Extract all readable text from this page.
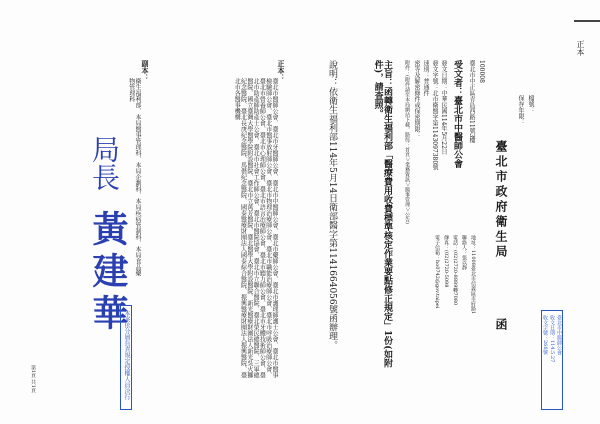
正本
檔號：
保存年限：
臺北市政府衛生局
函
地址：11008臺北市信義區市府路1
聯絡人：張以靜
電話：(02)2720-8889轉7080
傳真：(02)2720-5098
電子信箱：ho0742@gov.taipei
100008
臺北市中正區青島西路11號3樓
受文者：臺北市中醫師公會
發文日期：中華民國114年5月22日
發文字號：北市衛醫字第1143097380號
速別：普通件
密等及解密條件或保密期限：
附件：(附件請至本局網站下載，路徑：首頁＞業務資訊＞醫事管理＞公告)
主旨：函轉衛生福利部「醫療費用收費標準核定作業要點修正規定」1份(如附件)，請查照。
說明：依衛生福利部114年5月14日衛部醫字第1141664056號函辦理。
正本：
臺北市醫師公會、臺北市牙醫師公會、臺北市中醫師公會、臺北市藥師公會、臺北市護理師護士公會、臺北市醫事檢驗師公會、臺北市醫事放射師公會、臺北市物理治療師公會、臺北市職能治療師公會、臺北市呼吸治療師公會、臺北市營養師公會、臺北市心理師公會、臺北市語言治療師公會、臺北市聽力師公會、臺北市牙體技術師公會、臺北市助產師助產士公會、臺北市社會工作師公會、臺北市醫院協會、臺北市立聯合醫院、臺北榮民總醫院、三軍總醫院、國立臺灣大學醫學院附設醫院、臺北市立萬芳醫院、臺北醫學大學附設醫院、新光醫療財團法人新光吳火獅紀念醫院、臺北長庚紀念醫院、馬偕紀念醫院、國泰醫療財團法人國泰綜合醫院、振興醫療財團法人振興醫院、臺北市各醫事機構
副本：
衛生福利部、本局醫事管理科、本局企劃科、本局疾病管制科、本局食品藥物管理科
局長
黃建華
本案依分層負責規定授權人員決行	臺北市中醫師公會
收文日期：114.5.27
收文字號：266號
第1頁 共1頁
